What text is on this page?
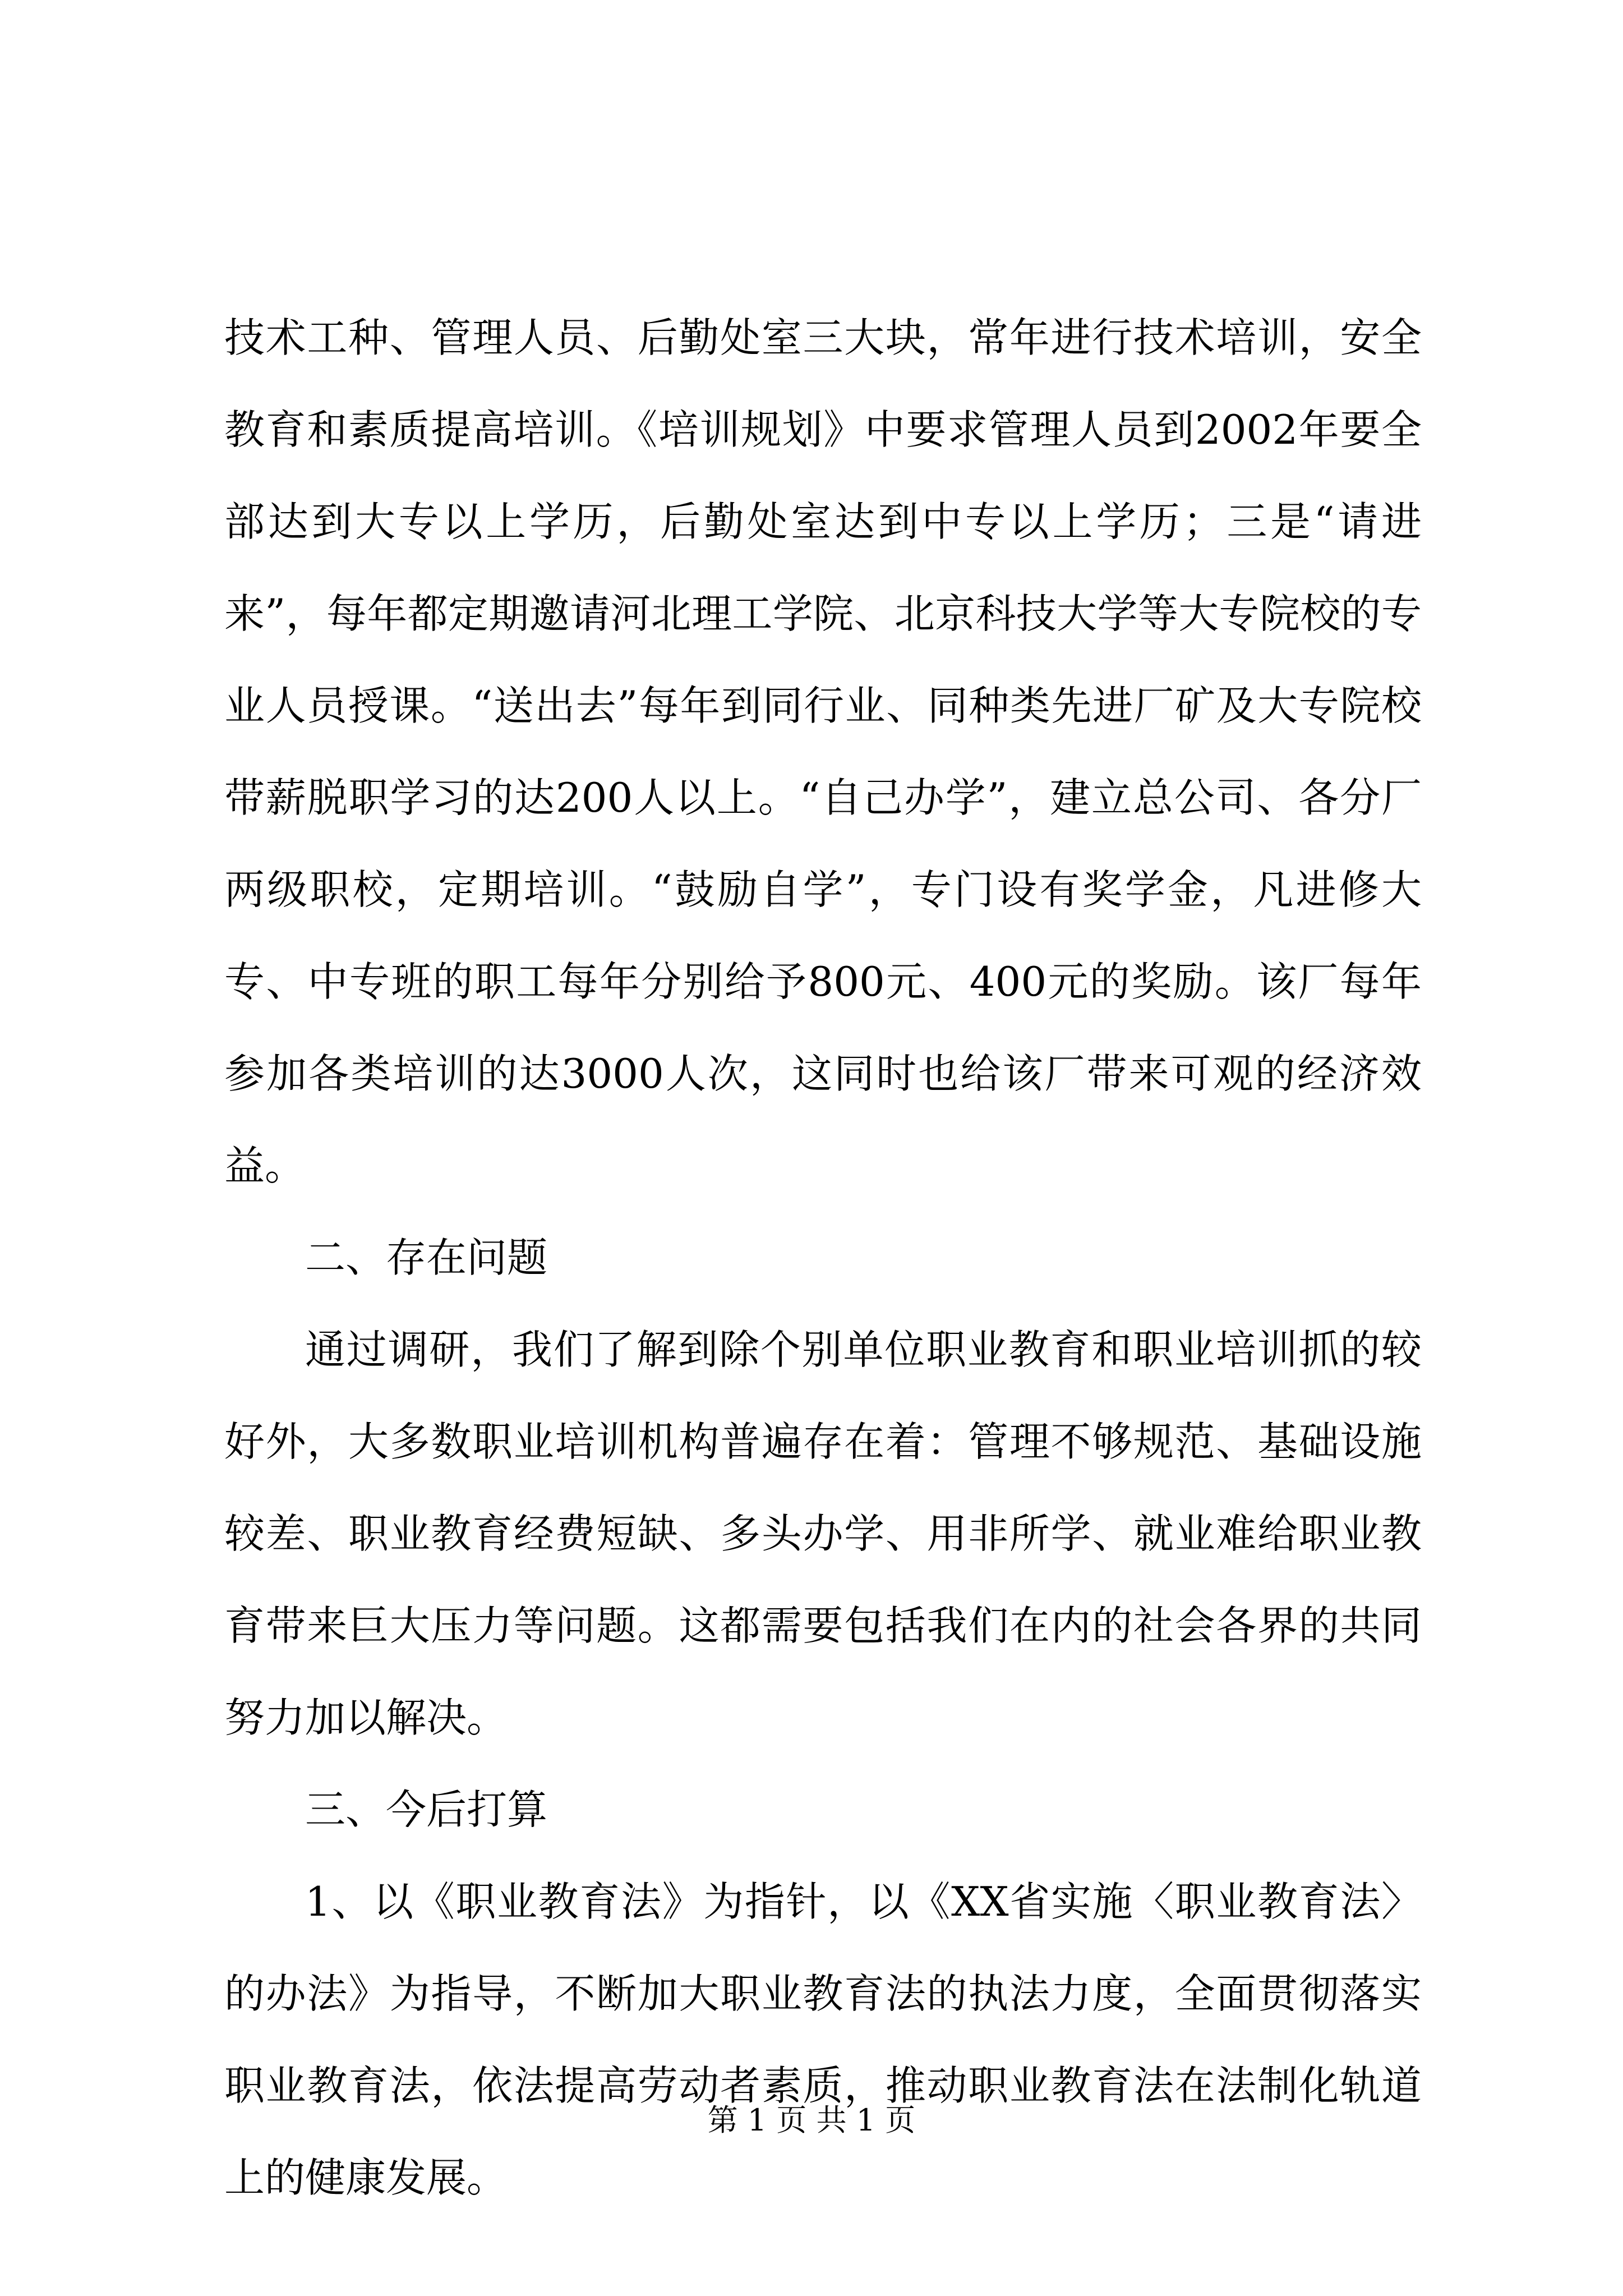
技术工种、管理人员、后勤处室三大块，常年进行技术培训，安全教育和素质提高培训。《培训规划》中要求管理人员到2002年要全部达到大专以上学历，后勤处室达到中专以上学历；三是“请进来”，每年都定期邀请河北理工学院、北京科技大学等大专院校的专业人员授课。“送出去”每年到同行业、同种类先进厂矿及大专院校带薪脱职学习的达200人以上。“自己办学”，建立总公司、各分厂两级职校，定期培训。“鼓励自学”，专门设有奖学金，凡进修大专、中专班的职工每年分别给予800元、400元的奖励。该厂每年参加各类培训的达3000人次，这同时也给该厂带来可观的经济效益。

二、存在问题

通过调研，我们了解到除个别单位职业教育和职业培训抓的较好外，大多数职业培训机构普遍存在着：管理不够规范、基础设施较差、职业教育经费短缺、多头办学、用非所学、就业难给职业教育带来巨大压力等问题。这都需要包括我们在内的社会各界的共同努力加以解决。

三、今后打算

1、以《职业教育法》为指针，以《XX省实施〈职业教育法〉的办法》为指导，不断加大职业教育法的执法力度，全面贯彻落实职业教育法，依法提高劳动者素质，推动职业教育法在法制化轨道上的健康发展。

第 1 页 共 1 页
